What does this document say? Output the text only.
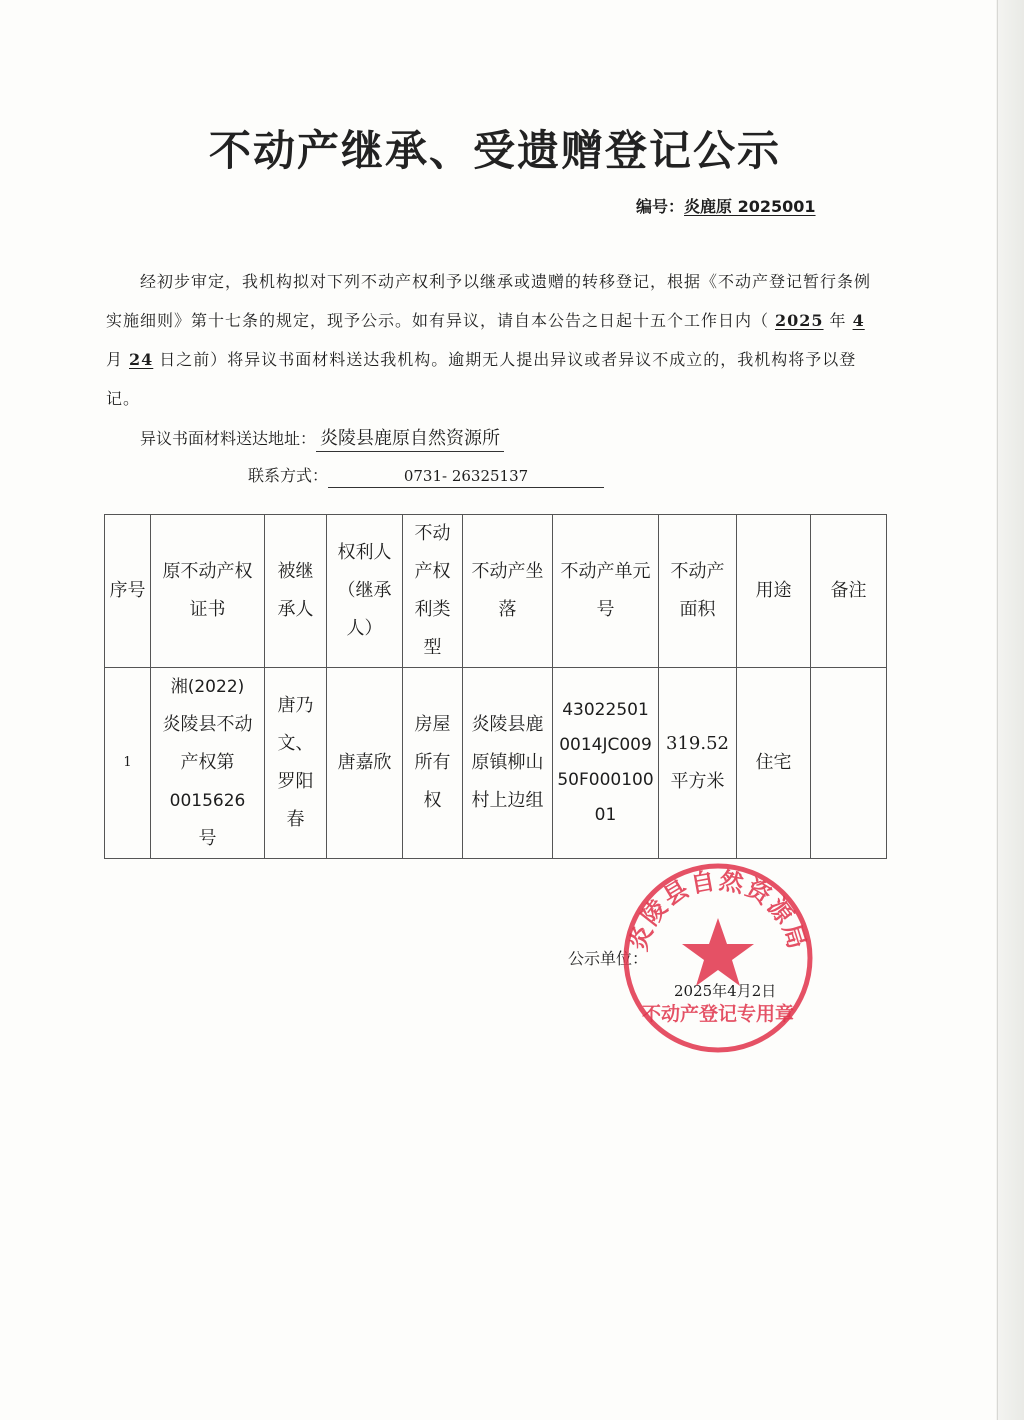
不动产继承、受遗赠登记公示
编号：炎鹿原 2025001

经初步审定，我机构拟对下列不动产权利予以继承或遗赠的转移登记，根据《不动产登记暂行条例实施细则》第十七条的规定，现予公示。如有异议，请自本公告之日起十五个工作日内（ 2025 年 4月 24 日之前）将异议书面材料送达我机构。逾期无人提出异议或者异议不成立的，我机构将予以登记。

异议书面材料送达地址： 炎陵县鹿原自然资源所
联系方式：	0731- 26325137
序号	原不动产权证书	被继承人	权利人（继承人）	不动产权利类型	不动产坐落	不动产单元号	不动产面积	用途	备注
1	湘(2022)
炎陵县不动产权第
0015626
号	唐乃文、罗阳春	唐嘉欣	房屋所有权	炎陵县鹿原镇柳山村上边组	430225010014JC00950F00010001	319.52平方米	住宅	
公示单位：
2025年4月2日
炎陵县自然资源局
不动产登记专用章
